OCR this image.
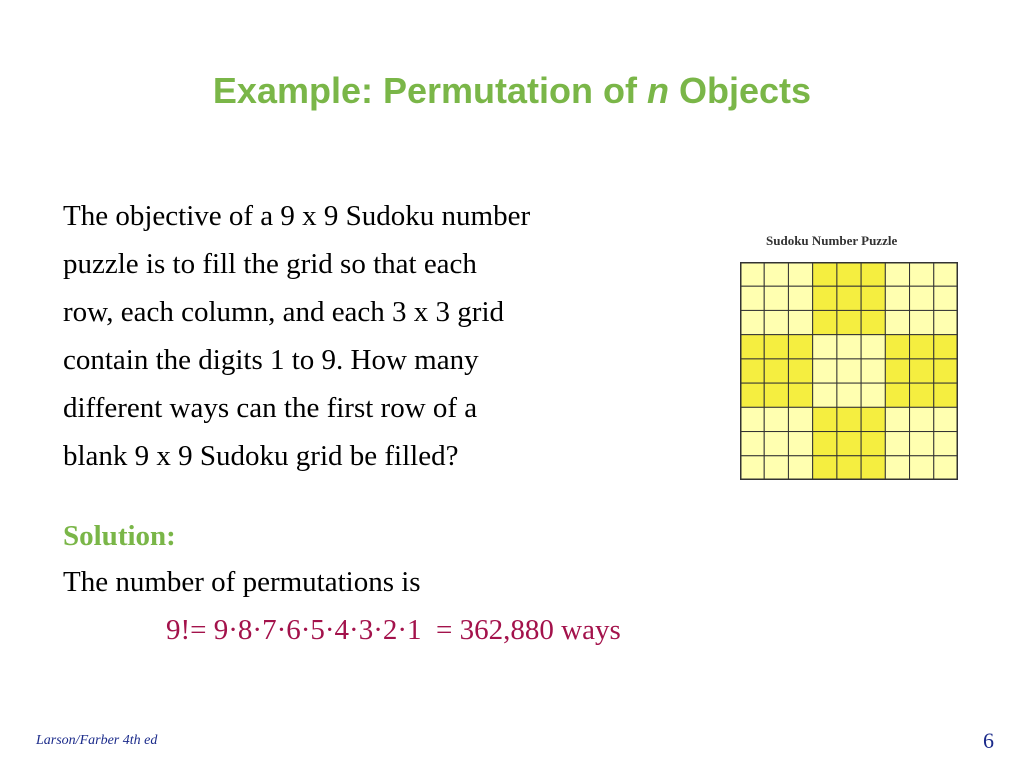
Example: Permutation of n Objects
The objective of a 9 x 9 Sudoku number
puzzle is to fill the grid so that each
row, each column, and each 3 x 3 grid
contain the digits 1 to 9. How many
different ways can the first row of a
blank 9 x 9 Sudoku grid be filled?
Sudoku Number Puzzle
Solution:
The number of permutations is
9!= 9·8·7·6·5·4·3·2·1  = 362,880 ways
Larson/Farber 4th ed	6
